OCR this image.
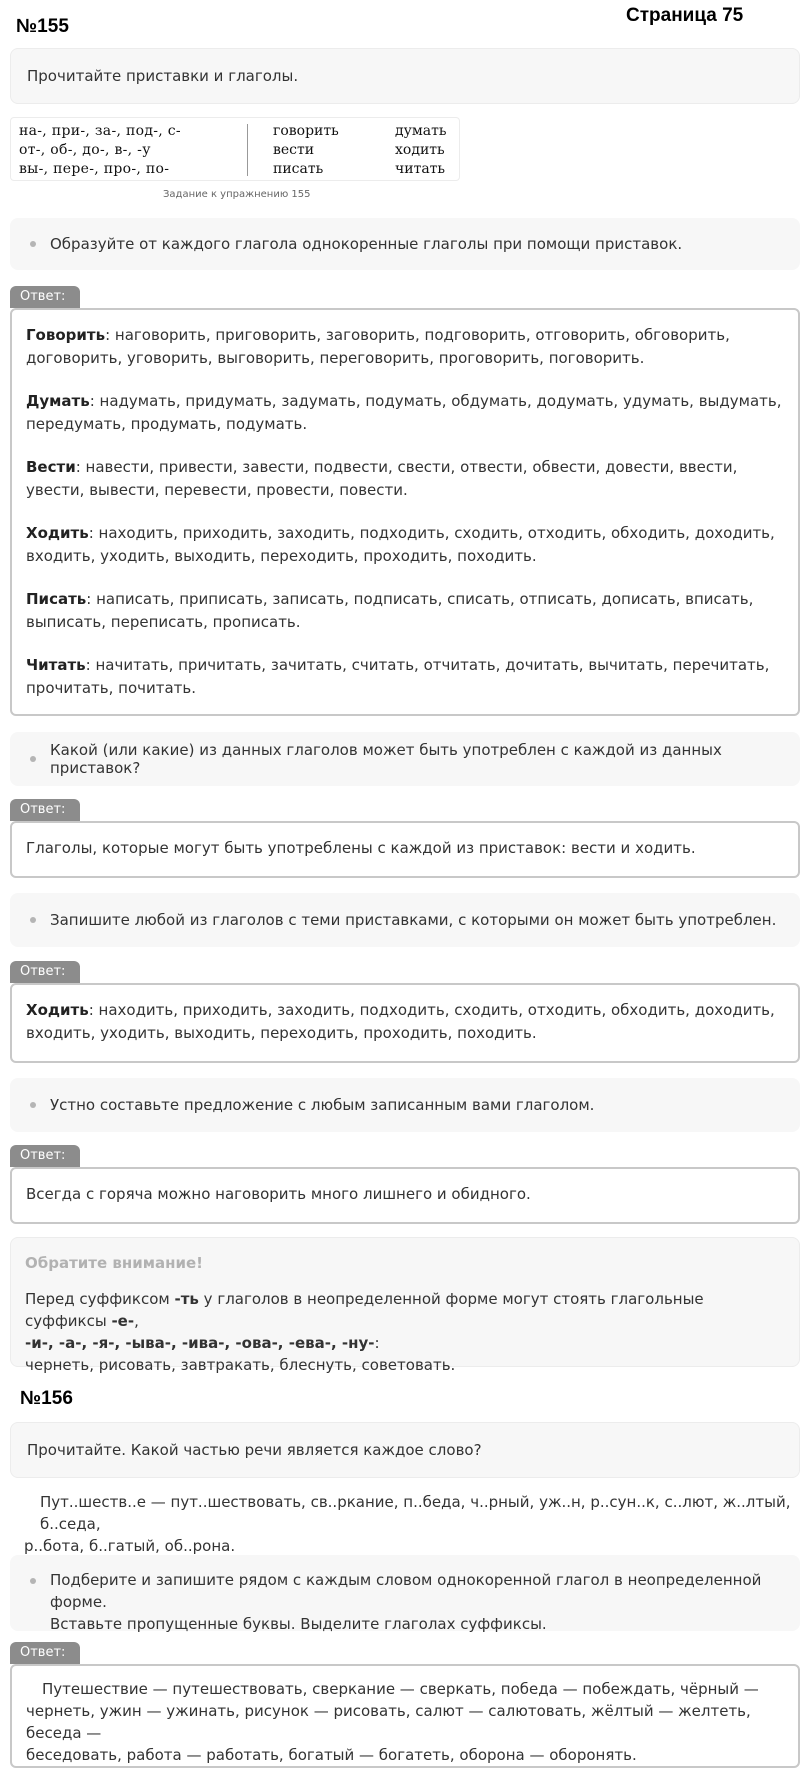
№155
Страница 75
Прочитайте приставки и глаголы.
на-, при-, за-, под-, с-
от-, об-, до-, в-, -у
вы-, пере-, про-, по-
говорить
вести
писать
думать
ходить
читать
Задание к упражнению 155
Образуйте от каждого глагола однокоренные глаголы при помощи приставок.
Ответ:

Говорить: наговорить, приговорить, заговорить, подговорить, отговорить, обговорить, договорить, уговорить, выговорить, переговорить, проговорить, поговорить.

Думать: надумать, придумать, задумать, подумать, обдумать, додумать, удумать, выдумать, передумать, продумать, подумать.

Вести: навести, привести, завести, подвести, свести, отвести, обвести, довести, ввести, увести, вывести, перевести, провести, повести.

Ходить: находить, приходить, заходить, подходить, сходить, отходить, обходить, доходить, входить, уходить, выходить, переходить, проходить, походить.

Писать: написать, приписать, записать, подписать, списать, отписать, дописать, вписать, выписать, переписать, прописать.

Читать: начитать, причитать, зачитать, считать, отчитать, дочитать, вычитать, перечитать, прочитать, почитать.

Какой (или какие) из данных глаголов может быть употреблен с каждой из данных приставок?
Ответ:
Глаголы, которые могут быть употреблены с каждой из приставок: вести и ходить.
Запишите любой из глаголов с теми приставками, с которыми он может быть употреблен.
Ответ:
Ходить: находить, приходить, заходить, подходить, сходить, отходить, обходить, доходить, входить, уходить, выходить, переходить, проходить, походить.
Устно составьте предложение с любым записанным вами глаголом.
Ответ:
Всегда с горяча можно наговорить много лишнего и обидного.
Обратите внимание!
Перед суффиксом -ть у глаголов в неопределенной форме могут стоять глагольные суффиксы -е-,
-и-, -а-, -я-, -ыва-, -ива-, -ова-, -ева-, -ну-:
чернеть, рисовать, завтракать, блеснуть, советовать.
№156
Прочитайте. Какой частью речи является каждое слово?
Пут..шеств..е — пут..шествовать, св..ркание, п..беда, ч..рный, уж..н, р..сун..к, с..лют, ж..лтый, б..седа,
р..бота, б..гатый, об..рона.
Подберите и запишите рядом с каждым словом однокоренной глагол в неопределенной форме.
Вставьте пропущенные буквы. Выделите глаголах суффиксы.
Ответ:
Путешествие — путешествовать, сверкание — сверкать, победа — побеждать, чёрный —
чернеть, ужин — ужинать, рисунок — рисовать, салют — салютовать, жёлтый — желтеть, беседа —
беседовать, работа — работать, богатый — богатеть, оборона — оборонять.
